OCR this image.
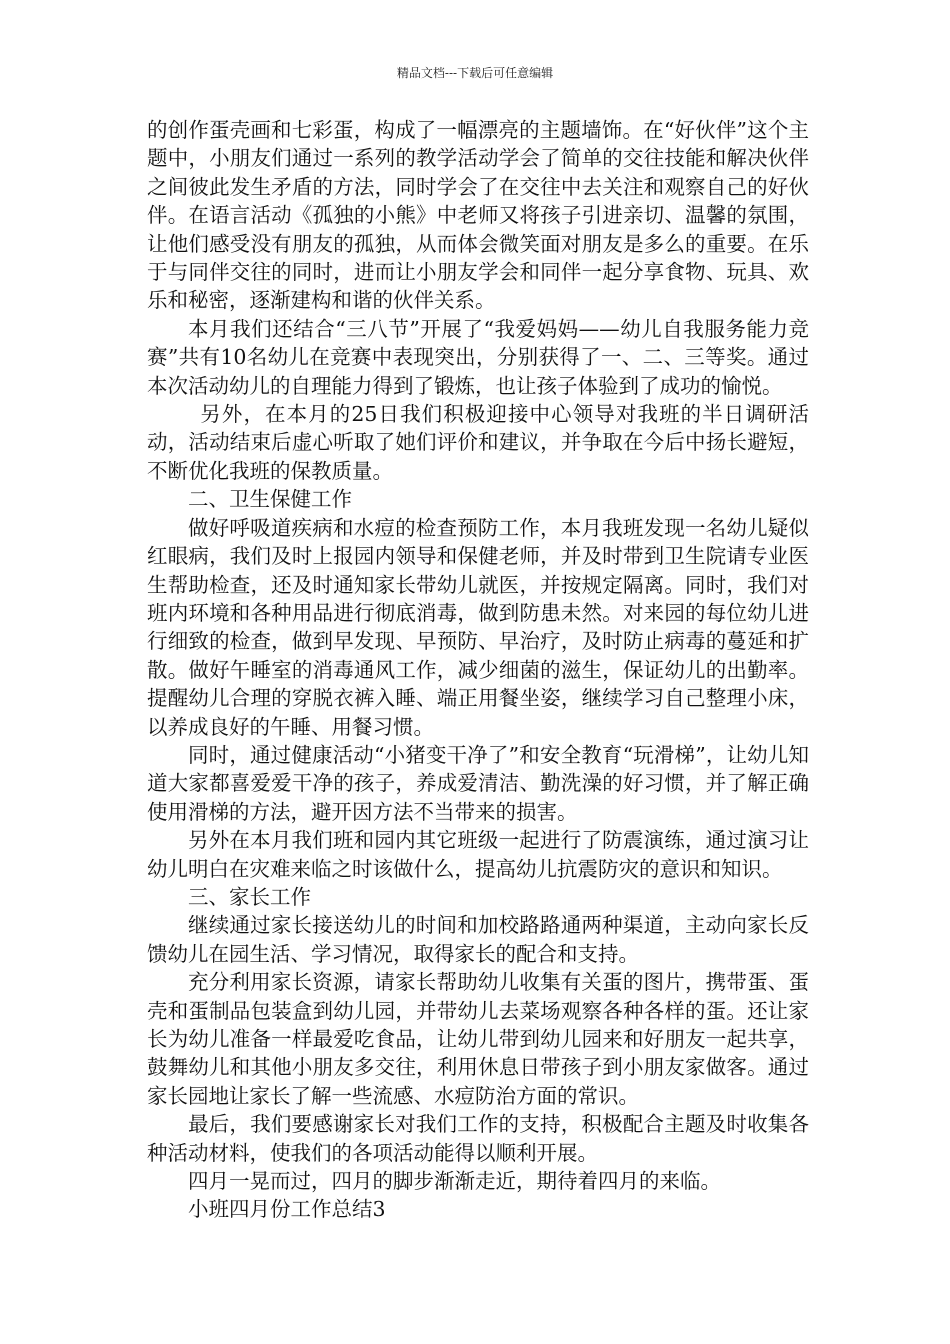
精品文档---下载后可任意编辑

的创作蛋壳画和七彩蛋，构成了一幅漂亮的主题墙饰。在“好伙伴”这个主题中，小朋友们通过一系列的教学活动学会了简单的交往技能和解决伙伴之间彼此发生矛盾的方法，同时学会了在交往中去关注和观察自己的好伙伴。在语言活动《孤独的小熊》中老师又将孩子引进亲切、温馨的氛围，让他们感受没有朋友的孤独，从而体会微笑面对朋友是多么的重要。在乐于与同伴交往的同时，进而让小朋友学会和同伴一起分享食物、玩具、欢乐和秘密，逐渐建构和谐的伙伴关系。

本月我们还结合“三八节”开展了“我爱妈妈——幼儿自我服务能力竞赛”共有10名幼儿在竞赛中表现突出，分别获得了一、二、三等奖。通过本次活动幼儿的自理能力得到了锻炼，也让孩子体验到了成功的愉悦。

另外，在本月的25日我们积极迎接中心领导对我班的半日调研活动，活动结束后虚心听取了她们评价和建议，并争取在今后中扬长避短，不断优化我班的保教质量。

二、卫生保健工作

做好呼吸道疾病和水痘的检查预防工作，本月我班发现一名幼儿疑似红眼病，我们及时上报园内领导和保健老师，并及时带到卫生院请专业医生帮助检查，还及时通知家长带幼儿就医，并按规定隔离。同时，我们对班内环境和各种用品进行彻底消毒，做到防患未然。对来园的每位幼儿进行细致的检查，做到早发现、早预防、早治疗，及时防止病毒的蔓延和扩散。做好午睡室的消毒通风工作，减少细菌的滋生，保证幼儿的出勤率。提醒幼儿合理的穿脱衣裤入睡、端正用餐坐姿，继续学习自己整理小床，以养成良好的午睡、用餐习惯。

同时，通过健康活动“小猪变干净了”和安全教育“玩滑梯”，让幼儿知道大家都喜爱爱干净的孩子，养成爱清洁、勤洗澡的好习惯，并了解正确使用滑梯的方法，避开因方法不当带来的损害。

另外在本月我们班和园内其它班级一起进行了防震演练，通过演习让幼儿明白在灾难来临之时该做什么，提高幼儿抗震防灾的意识和知识。

三、家长工作

继续通过家长接送幼儿的时间和加校路路通两种渠道，主动向家长反馈幼儿在园生活、学习情况，取得家长的配合和支持。

充分利用家长资源，请家长帮助幼儿收集有关蛋的图片，携带蛋、蛋壳和蛋制品包装盒到幼儿园，并带幼儿去菜场观察各种各样的蛋。还让家长为幼儿准备一样最爱吃食品，让幼儿带到幼儿园来和好朋友一起共享，鼓舞幼儿和其他小朋友多交往，利用休息日带孩子到小朋友家做客。通过家长园地让家长了解一些流感、水痘防治方面的常识。

最后，我们要感谢家长对我们工作的支持，积极配合主题及时收集各种活动材料，使我们的各项活动能得以顺利开展。

四月一晃而过，四月的脚步渐渐走近，期待着四月的来临。

小班四月份工作总结3
